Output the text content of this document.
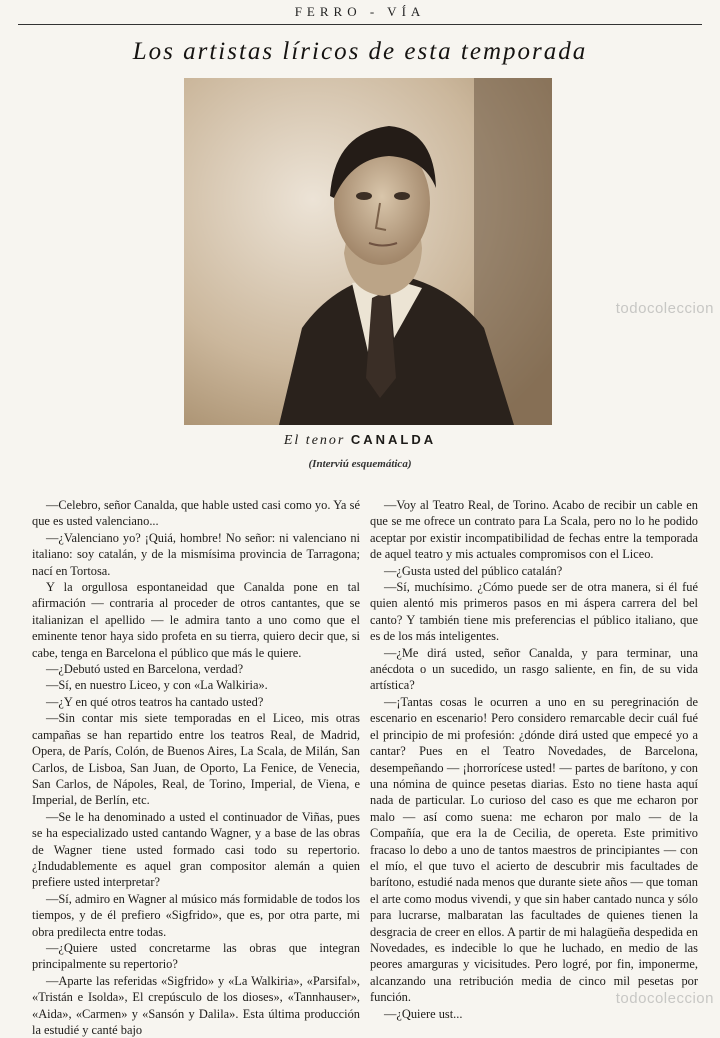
FERRO - VÍA
Los artistas líricos de esta temporada
El tenor CANALDA
(Interviú esquemática)

—Celebro, señor Canalda, que hable usted casi como yo. Ya sé que es usted valenciano...

—¿Valenciano yo? ¡Quiá, hombre! No señor: ni valenciano ni italiano: soy catalán, y de la mismísima provincia de Tarragona; nací en Tortosa.

Y la orgullosa espontaneidad que Canalda pone en tal afirmación — contraria al proceder de otros cantantes, que se italianizan el apellido — le admira tanto a uno como que el eminente tenor haya sido profeta en su tierra, quiero decir que, si cabe, tenga en Barcelona el público que más le quiere.

—¿Debutó usted en Barcelona, verdad?

—Sí, en nuestro Liceo, y con «La Walkiria».

—¿Y en qué otros teatros ha cantado usted?

—Sin contar mis siete temporadas en el Liceo, mis otras campañas se han repartido entre los teatros Real, de Madrid, Opera, de París, Colón, de Buenos Aires, La Scala, de Milán, San Carlos, de Lisboa, San Juan, de Oporto, La Fenice, de Venecia, San Carlos, de Nápoles, Real, de Torino, Imperial, de Viena, e Imperial, de Berlín, etc.

—Se le ha denominado a usted el continuador de Viñas, pues se ha especializado usted cantando Wagner, y a base de las obras de Wagner tiene usted formado casi todo su repertorio. ¿Indudablemente es aquel gran compositor alemán a quien prefiere usted interpretar?

—Sí, admiro en Wagner al músico más formidable de todos los tiempos, y de él prefiero «Sigfrido», que es, por otra parte, mi obra predilecta entre todas.

—¿Quiere usted concretarme las obras que integran principalmente su repertorio?

—Aparte las referidas «Sigfrido» y «La Walkiria», «Parsifal», «Tristán e Isolda», El crepúsculo de los dioses», «Tannhauser», «Aida», «Carmen» y «Sansón y Dalila». Esta última producción la estudié y canté bajo

—Voy al Teatro Real, de Torino. Acabo de recibir un cable en que se me ofrece un contrato para La Scala, pero no lo he podido aceptar por existir incompatibilidad de fechas entre la temporada de aquel teatro y mis actuales compromisos con el Liceo.

—¿Gusta usted del público catalán?

—Sí, muchísimo. ¿Cómo puede ser de otra manera, si él fué quien alentó mis primeros pasos en mi áspera carrera del bel canto? Y también tiene mis preferencias el público italiano, que es de los más inteligentes.

—¿Me dirá usted, señor Canalda, y para terminar, una anécdota o un sucedido, un rasgo saliente, en fin, de su vida artística?

—¡Tantas cosas le ocurren a uno en su peregrinación de escenario en escenario! Pero considero remarcable decir cuál fué el principio de mi profesión: ¿dónde dirá usted que empecé yo a cantar? Pues en el Teatro Novedades, de Barcelona, desempeñando — ¡horrorícese usted! — partes de barítono, y con una nómina de quince pesetas diarias. Esto no tiene hasta aquí nada de particular. Lo curioso del caso es que me echaron por malo — así como suena: me echaron por malo — de la Compañía, que era la de Cecilia, de opereta. Este primitivo fracaso lo debo a uno de tantos maestros de principiantes — con el mío, el que tuvo el acierto de descubrir mis facultades de barítono, estudié nada menos que durante siete años — que toman el arte como modus vivendi, y que sin haber cantado nunca y sólo para lucrarse, malbaratan las facultades de quienes tienen la desgracia de creer en ellos. A partir de mi halagüeña despedida en Novedades, es indecible lo que he luchado, en medio de las peores amarguras y vicisitudes. Pero logré, por fin, imponerme, alcanzando una retribución media de cinco mil pesetas por función.

—¿Quiere ust...

todocoleccion
todocoleccion
